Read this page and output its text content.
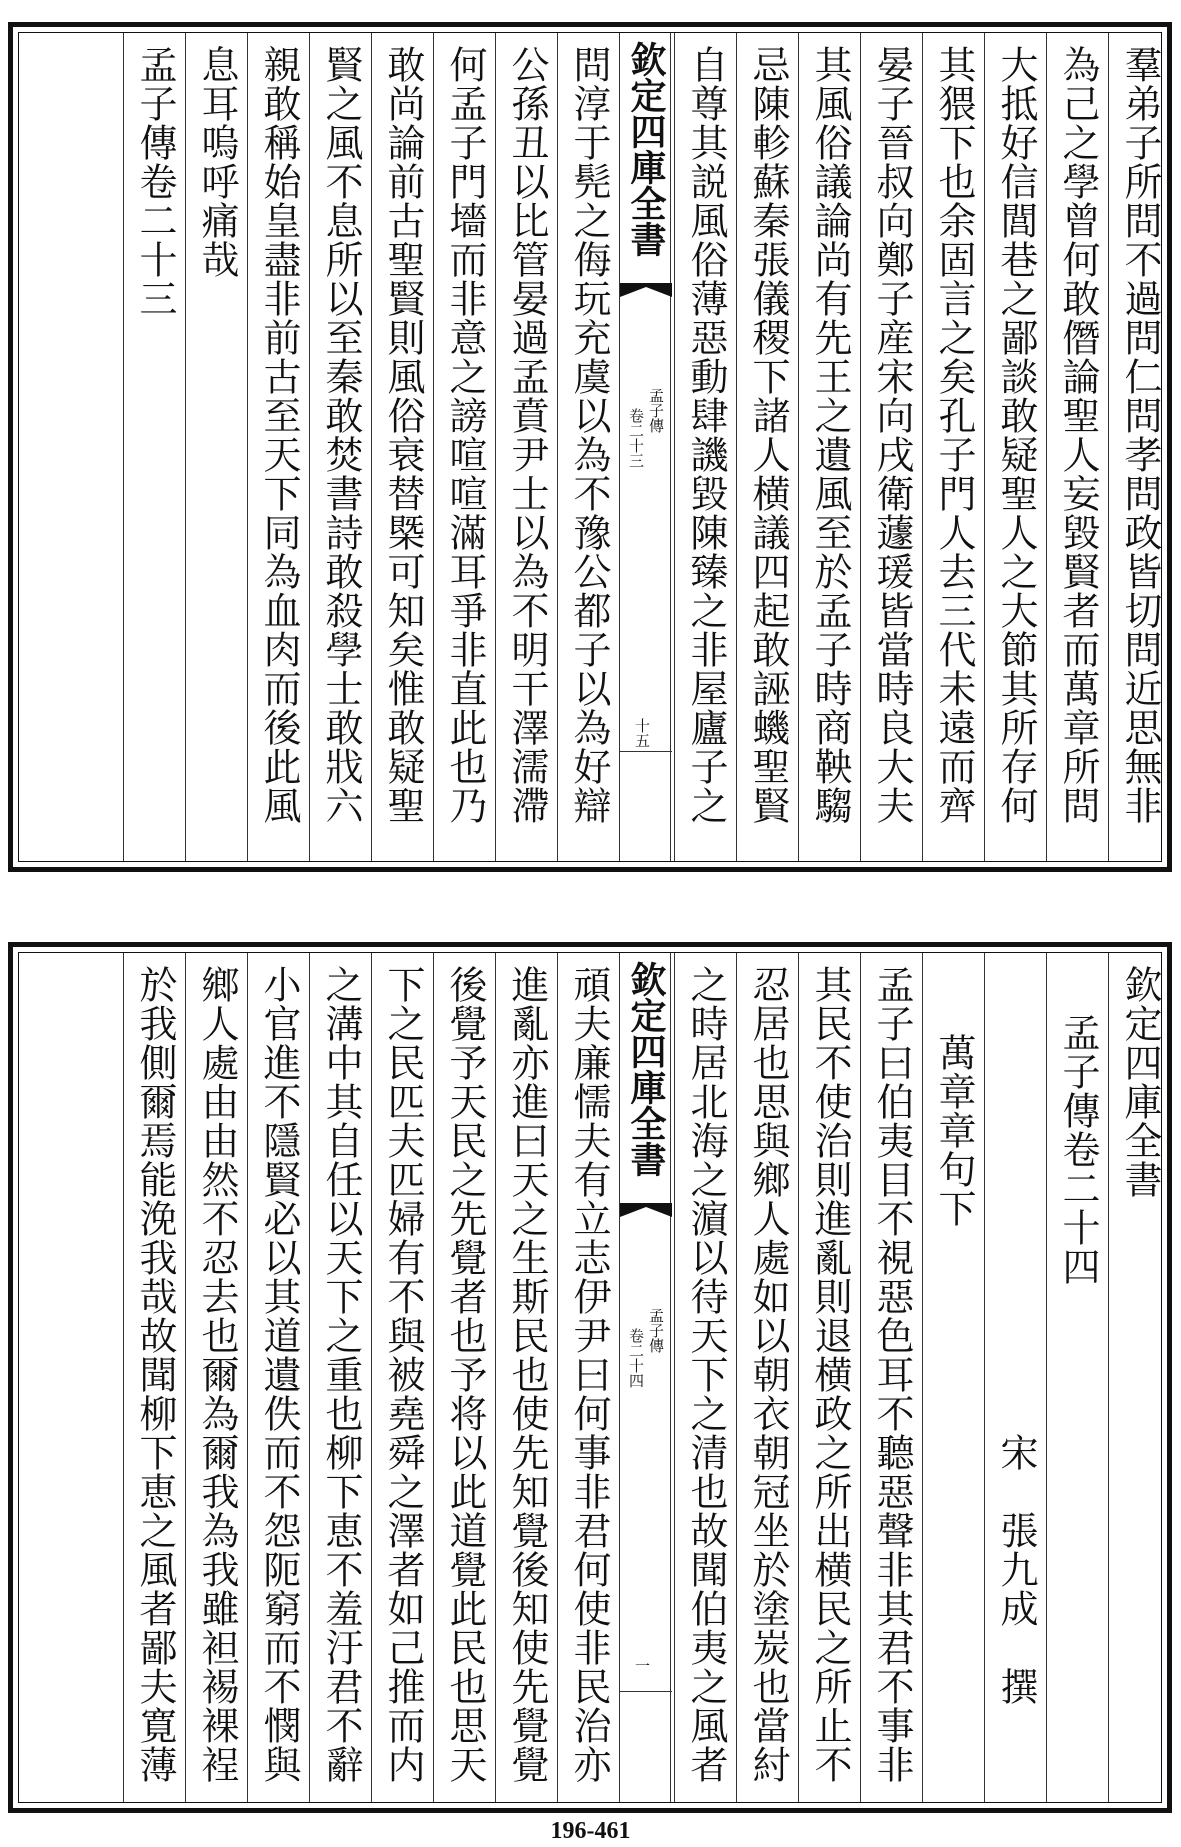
羣弟子所問不過問仁問孝問政皆切問近思無非
為己之學曾何敢僭論聖人妄毀賢者而萬章所問
大抵好信閭巷之鄙談敢疑聖人之大節其所存何
其猥下也余固言之矣孔子門人去三代未遠而齊
晏子晉叔向鄭子産宋向戌衛蘧瑗皆當時良大夫
其風俗議論尚有先王之遺風至於孟子時商鞅騶
忌陳軫蘇秦張儀稷下諸人横議四起敢誣蟣聖賢
自尊其説風俗薄惡動肆譏毀陳臻之非屋廬子之
欽定四庫全書
孟子傳
卷二十三
十五
問淳于髡之侮玩充虞以為不豫公都子以為好辯
公孫丑以比管晏過孟賁尹士以為不明干澤濡滯
何孟子門墻而非意之謗喧喧滿耳爭非直此也乃
敢尚論前古聖賢則風俗衰替槩可知矣惟敢疑聖
賢之風不息所以至秦敢焚書詩敢殺學士敢戕六
親敢稱始皇盡非前古至天下同為血肉而後此風
息耳嗚呼痛哉
孟子傳卷二十三
欽定四庫全書
孟子傳卷二十四
宋　張九成　撰
萬章章句下
孟子曰伯夷目不視惡色耳不聽惡聲非其君不事非
其民不使治則進亂則退横政之所出横民之所止不
忍居也思與鄉人處如以朝衣朝冠坐於塗炭也當紂
之時居北海之濵以待天下之清也故聞伯夷之風者
欽定四庫全書
孟子傳
卷二十四
一
頑夫廉懦夫有立志伊尹曰何事非君何使非民治亦
進亂亦進曰天之生斯民也使先知覺後知使先覺覺
後覺予天民之先覺者也予将以此道覺此民也思天
下之民匹夫匹婦有不與被堯舜之澤者如己推而内
之溝中其自任以天下之重也柳下恵不羞汙君不辭
小官進不隱賢必以其道遺佚而不怨阨窮而不憫與
鄉人處由由然不忍去也爾為爾我為我雖袒裼裸裎
於我側爾焉能浼我哉故聞柳下恵之風者鄙夫寛薄
196-461
